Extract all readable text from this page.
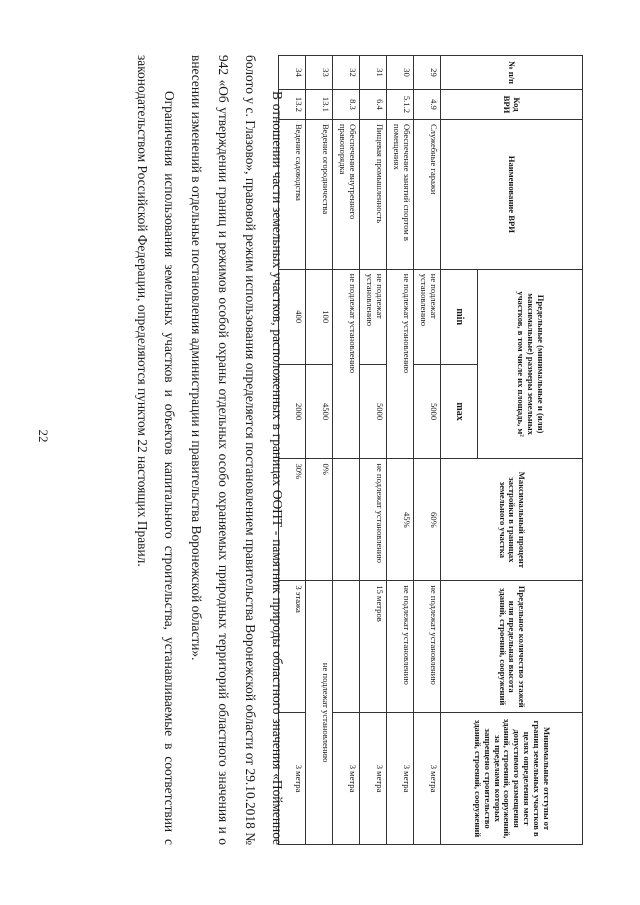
22
№ п/п	Код ВРИ	Наименование ВРИ	Предельные (минимальные и (или) максимальные) размеры земельных участков, в том числе их площадь, м²		Максимальный процент застройки в границах земельного участка	Предельное количество этажей или предельная высота зданий, строений, сооружений	Минимальные отступы от границ земельных участков в целях определения мест допустимого размещения зданий, строений, сооружений, за пределами которых запрещено строительство зданий, строений, сооружений
			min	max			
29	4.9	Служебные гаражи	не подлежат установлению	5000	60%	не подлежат установлению	3 метра
30	5.1.2	Обеспечение занятий спортом в помещениях	не подлежат установлению		45%	не подлежат установлению	3 метра
31	6.4	Пищевая промышленность	не подлежат установлению	5000	не подлежат установлению	15 метров	3 метра
32	8.3	Обеспечение внутреннего правопорядка	не подлежат установлению				3 метра
33	13.1	Ведение огородничества	100	4500	0%	не подлежат установлению	
34	13.2	Ведение садоводства	400	2000	30%	3 этажа	3 метра

В отношении части земельных участков, расположенных в границах ООПТ - памятник природы областного значения «Пойменное болото у с. Глазово», правовой режим использования определяется постановлением правительства Воронежской области от 29.10.2018 № 942 «Об утверждении границ и режимов особой охраны отдельных особо охраняемых природных территорий областного значения и о внесении изменений в отдельные постановления администрации и правительства Воронежской области».

Ограничения использования земельных участков и объектов капитального строительства, устанавливаемые в соответствии с законодательством Российской Федерации, определяются пунктом 22 настоящих Правил.
